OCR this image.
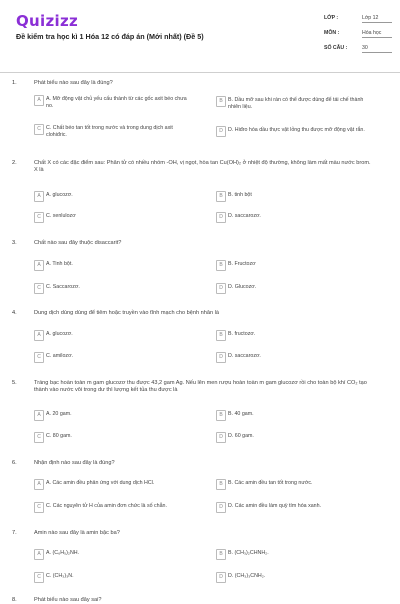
Quizizz
Đề kiểm tra học kì 1 Hóa 12 có đáp án (Mới nhất) (Đề 5)
LỚP :	Lớp 12
MÔN :	Hóa học
SỐ CÂU :	30
1.	Phát biểu nào sau đây là đúng?
2.	Chất X có các đặc điểm sau: Phân tử có nhiều nhóm -OH, vị ngọt, hòa tan Cu(OH)₂ ở nhiệt độ thường, không làm mất màu nước brom. X là
3.	Chất nào sau đây thuộc disaccarit?
4.	Dung dịch dùng dùng để tiêm hoặc truyền vào tĩnh mạch cho bệnh nhân là
5.	Tráng bạc hoàn toàn m gam glucozơ thu được 43,2 gam Ag. Nếu lên men rượu hoàn toàn m gam glucozơ rồi cho toàn bộ khí CO₂ tạo thành vào nước vôi trong dư thì lượng kết tủa thu được là
6.	Nhận định nào sau đây là đúng?
7.	Amin nào sau đây là amin bậc ba?
8.	Phát biểu nào sau đây sai?
A	A. Mỡ động vật chủ yếu cấu thành từ các gốc axit béo chưa no.
B	B. Dầu mỡ sau khi rán có thể được dùng để tái chế thành nhiên liệu.
C C. Chất béo tan tốt trong nước và trong dung dịch axit clohiđric.
D D. Hiđro hóa dầu thực vật lỏng thu được mỡ động vật rắn.
A	A. glucozơ.	B	B. tinh bột
C C. xenlulozơ	D D. saccarozơ.
A	A. Tinh bột.	B	B. Fructozơ
C C. Saccarozơ.	D D. Glucozơ.
A	A. glucozơ.	B	B. fructozơ.
C C. amilozơ.	D D. saccarozơ.
A	A. 20 gam.	B	B. 40 gam.
C C. 80 gam.	D D. 60 gam.
A	A. Các amin đều phản ứng với dung dịch HCl.	B	B. Các amin đều tan tốt trong nước.
C C. Các nguyên tử H của amin đơn chức là số chẵn.	D D. Các amin đều làm quỳ tím hóa xanh.
A	A. (C₆H₅)₂NH.	B	B. (CH₃)₂CHNH₂.
C C. (CH₃)₃N.	D D. (CH₃)₃CNH₂.
